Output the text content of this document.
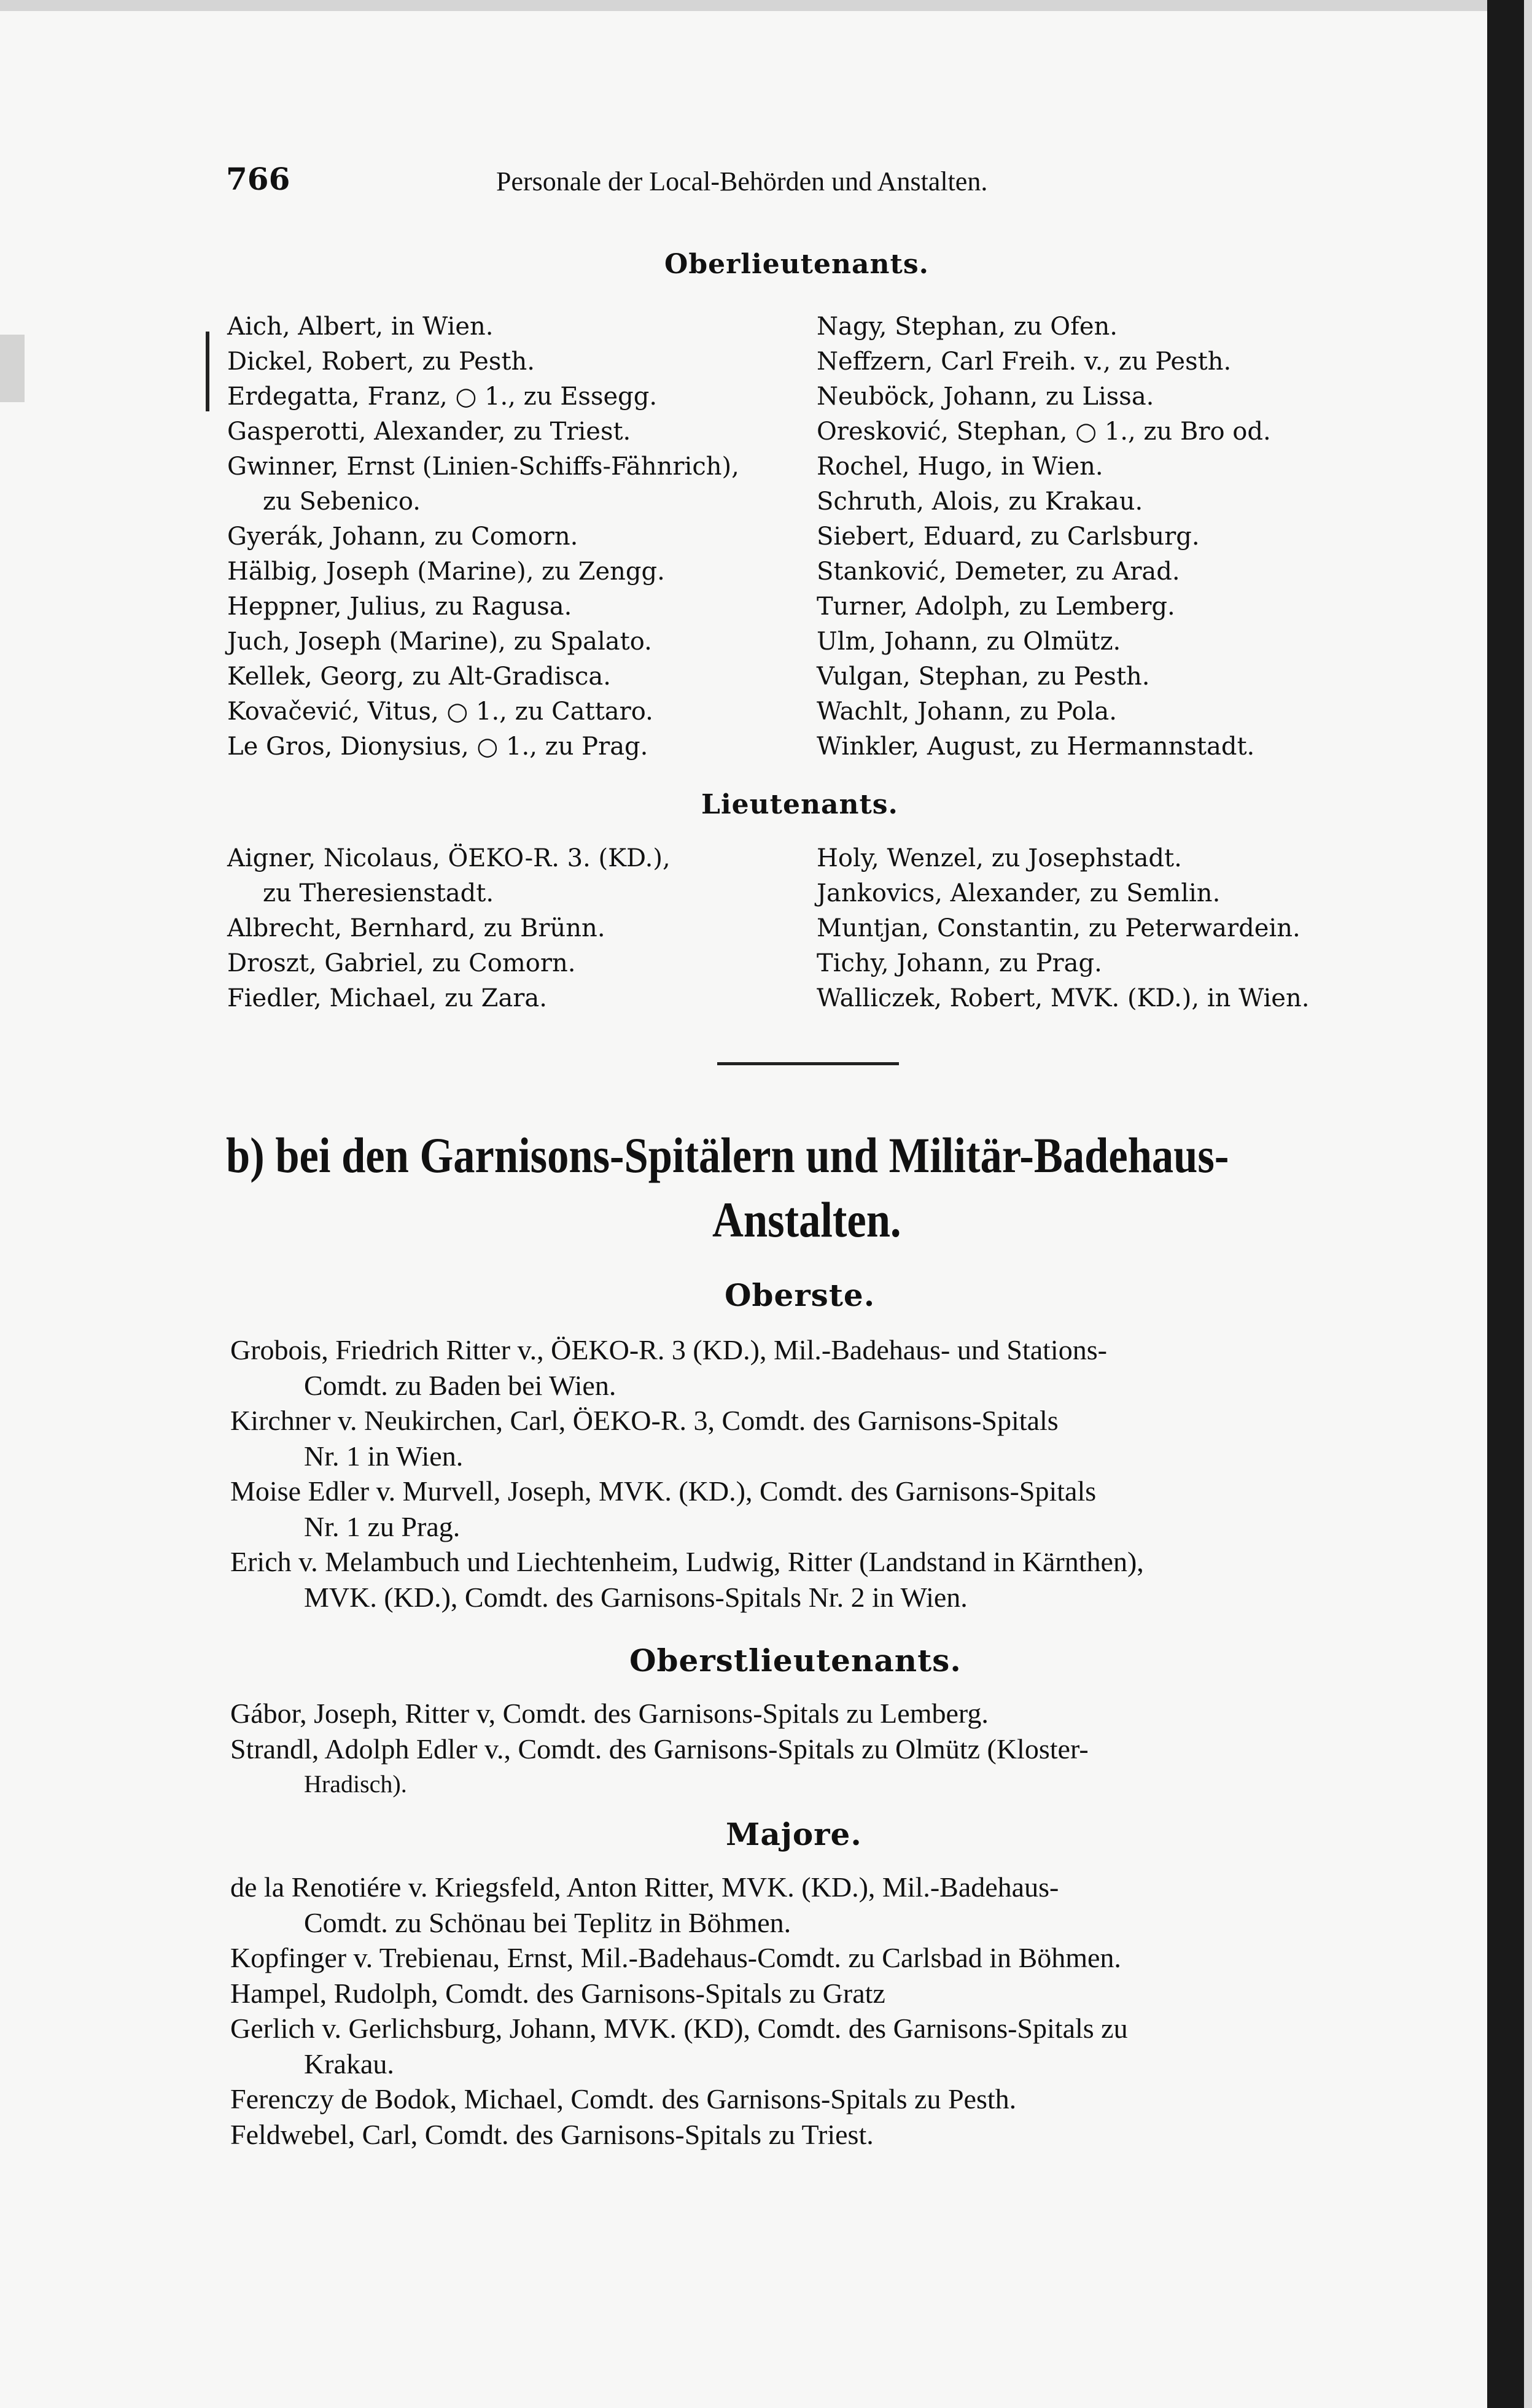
766	Personale der Local-Behörden und Anstalten.
Oberlieutenants.
Aich, Albert, in Wien.
Dickel, Robert, zu Pesth.
Erdegatta, Franz, ○ 1., zu Essegg.
Gasperotti, Alexander, zu Triest.
Gwinner, Ernst (Linien-Schiffs-Fähnrich),
zu Sebenico.
Gyerák, Johann, zu Comorn.
Hälbig, Joseph (Marine), zu Zengg.
Heppner, Julius, zu Ragusa.
Juch, Joseph (Marine), zu Spalato.
Kellek, Georg, zu Alt-Gradisca.
Kovačević, Vitus, ○ 1., zu Cattaro.
Le Gros, Dionysius, ○ 1., zu Prag.
Nagy, Stephan, zu Ofen.
Neffzern, Carl Freih. v., zu Pesth.
Neuböck, Johann, zu Lissa.
Oresković, Stephan, ○ 1., zu Bro od.
Rochel, Hugo, in Wien.
Schruth, Alois, zu Krakau.
Siebert, Eduard, zu Carlsburg.
Stanković, Demeter, zu Arad.
Turner, Adolph, zu Lemberg.
Ulm, Johann, zu Olmütz.
Vulgan, Stephan, zu Pesth.
Wachlt, Johann, zu Pola.
Winkler, August, zu Hermannstadt.
Lieutenants.
Aigner, Nicolaus, ÖEKO-R. 3. (KD.),
zu Theresienstadt.
Albrecht, Bernhard, zu Brünn.
Droszt, Gabriel, zu Comorn.
Fiedler, Michael, zu Zara.
Holy, Wenzel, zu Josephstadt.
Jankovics, Alexander, zu Semlin.
Muntjan, Constantin, zu Peterwardein.
Tichy, Johann, zu Prag.
Walliczek, Robert, MVK. (KD.), in Wien.
b) bei den Garnisons-Spitälern und Militär-Badehaus-
Anstalten.
Oberste.
Grobois, Friedrich Ritter v., ÖEKO-R. 3 (KD.), Mil.-Badehaus- und Stations-
Comdt. zu Baden bei Wien.
Kirchner v. Neukirchen, Carl, ÖEKO-R. 3, Comdt. des Garnisons-Spitals
Nr. 1 in Wien.
Moise Edler v. Murvell, Joseph, MVK. (KD.), Comdt. des Garnisons-Spitals
Nr. 1 zu Prag.
Erich v. Melambuch und Liechtenheim, Ludwig, Ritter (Landstand in Kärnthen),
MVK. (KD.), Comdt. des Garnisons-Spitals Nr. 2 in Wien.
Oberstlieutenants.
Gábor, Joseph, Ritter v, Comdt. des Garnisons-Spitals zu Lemberg.
Strandl, Adolph Edler v., Comdt. des Garnisons-Spitals zu Olmütz (Kloster-
Hradisch).
Majore.
de la Renotiére v. Kriegsfeld, Anton Ritter, MVK. (KD.), Mil.-Badehaus-
Comdt. zu Schönau bei Teplitz in Böhmen.
Kopfinger v. Trebienau, Ernst, Mil.-Badehaus-Comdt. zu Carlsbad in Böhmen.
Hampel, Rudolph, Comdt. des Garnisons-Spitals zu Gratz
Gerlich v. Gerlichsburg, Johann, MVK. (KD), Comdt. des Garnisons-Spitals zu
Krakau.
Ferenczy de Bodok, Michael, Comdt. des Garnisons-Spitals zu Pesth.
Feldwebel, Carl, Comdt. des Garnisons-Spitals zu Triest.
